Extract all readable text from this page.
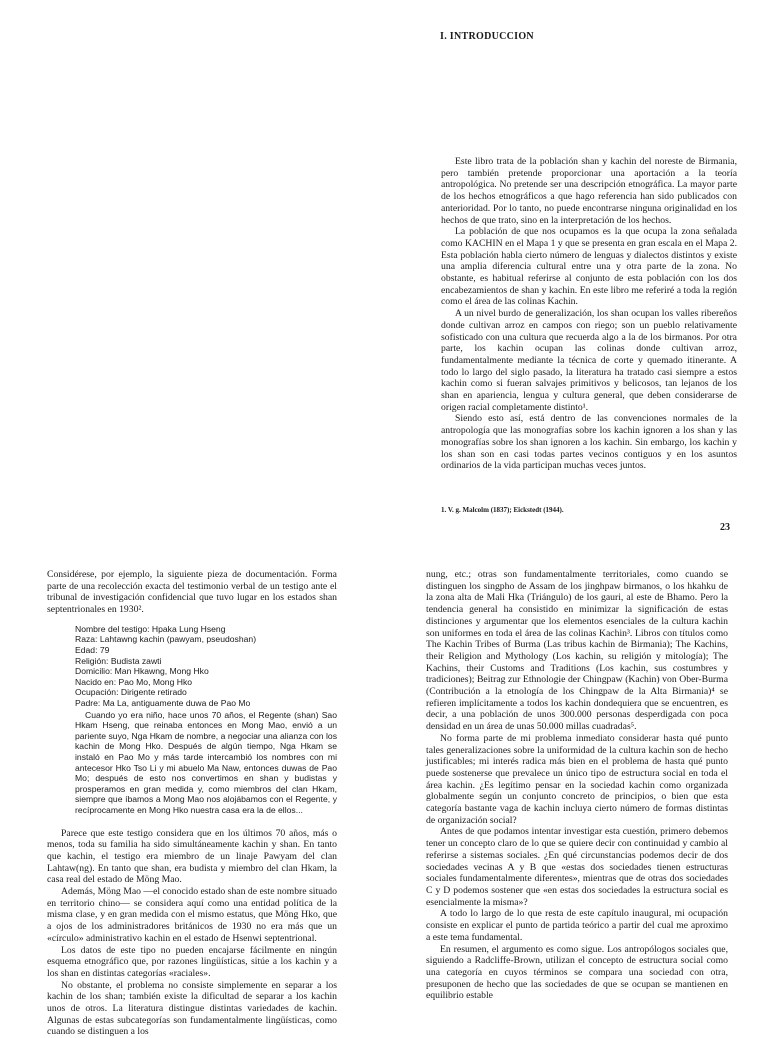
I. INTRODUCCION

Este libro trata de la población shan y kachin del noreste de Birmania, pero también pretende proporcionar una aportación a la teoría antropológica. No pretende ser una descripción etnográfica. La mayor parte de los hechos etnográficos a que hago referencia han sido publicados con anterioridad. Por lo tanto, no puede encontrarse ninguna originalidad en los hechos de que trato, sino en la interpretación de los hechos.

La población de que nos ocupamos es la que ocupa la zona señalada como KACHIN en el Mapa 1 y que se presenta en gran escala en el Mapa 2. Esta población habla cierto número de lenguas y dialectos distintos y existe una amplia diferencia cultural entre una y otra parte de la zona. No obstante, es habitual referirse al conjunto de esta población con los dos encabezamientos de shan y kachin. En este libro me referiré a toda la región como el área de las colinas Kachin.

A un nivel burdo de generalización, los shan ocupan los valles ribereños donde cultivan arroz en campos con riego; son un pueblo relativamente sofisticado con una cultura que recuerda algo a la de los birmanos. Por otra parte, los kachin ocupan las colinas donde cultivan arroz, fundamentalmente mediante la técnica de corte y quemado itinerante. A todo lo largo del siglo pasado, la literatura ha tratado casi siempre a estos kachin como si fueran salvajes primitivos y belicosos, tan lejanos de los shan en apariencia, lengua y cultura general, que deben considerarse de origen racial completamente distinto¹.

Siendo esto así, está dentro de las convenciones normales de la antropología que las monografías sobre los kachin ignoren a los shan y las monografías sobre los shan ignoren a los kachin. Sin embargo, los kachin y los shan son en casi todas partes vecinos contiguos y en los asuntos ordinarios de la vida participan muchas veces juntos.

1. V. g. Malcolm (1837); Eickstedt (1944).
23

Considérese, por ejemplo, la siguiente pieza de documentación. Forma parte de una recolección exacta del testimonio verbal de un testigo ante el tribunal de investigación confidencial que tuvo lugar en los estados shan septentrionales en 1930².

Nombre del testigo: Hpaka Lung Hseng
Raza: Lahtawng kachin (pawyam, pseudoshan)
Edad: 79
Religión: Budista zawti
Domicilio: Man Hkawng, Mong Hko
Nacido en: Pao Mo, Mong Hko
Ocupación: Dirigente retirado
Padre: Ma La, antiguamente duwa de Pao Mo
Cuando yo era niño, hace unos 70 años, el Regente (shan) Sao Hkam Hseng, que reinaba entonces en Mong Mao, envió a un pariente suyo, Nga Hkam de nombre, a negociar una alianza con los kachin de Mong Hko. Después de algún tiempo, Nga Hkam se instaló en Pao Mo y más tarde intercambió los nombres con mi antecesor Hko Tso Li y mi abuelo Ma Naw, entonces duwas de Pao Mo; después de esto nos convertimos en shan y budistas y prosperamos en gran medida y, como miembros del clan Hkam, siempre que íbamos a Mong Mao nos alojábamos con el Regente, y recíprocamente en Mong Hko nuestra casa era la de ellos...

Parece que este testigo considera que en los últimos 70 años, más o menos, toda su familia ha sido simultáneamente kachin y shan. En tanto que kachin, el testigo era miembro de un linaje Pawyam del clan Lahtaw(ng). En tanto que shan, era budista y miembro del clan Hkam, la casa real del estado de Möng Mao.

Además, Möng Mao —el conocido estado shan de este nombre situado en territorio chino— se considera aquí como una entidad política de la misma clase, y en gran medida con el mismo estatus, que Möng Hko, que a ojos de los administradores británicos de 1930 no era más que un «círculo» administrativo kachin en el estado de Hsenwi septentrional.

Los datos de este tipo no pueden encajarse fácilmente en ningún esquema etnográfico que, por razones lingüísticas, sitúe a los kachin y a los shan en distintas categorías «raciales».

No obstante, el problema no consiste simplemente en separar a los kachin de los shan; también existe la dificultad de separar a los kachin unos de otros. La literatura distingue distintas variedades de kachin. Algunas de estas subcategorías son fundamentalmente lingüísticas, como cuando se distinguen a los

nung, etc.; otras son fundamentalmente territoriales, como cuando se distinguen los singpho de Assam de los jinghpaw birmanos, o los hkahku de la zona alta de Mali Hka (Triángulo) de los gauri, al este de Bhamo. Pero la tendencia general ha consistido en minimizar la significación de estas distinciones y argumentar que los elementos esenciales de la cultura kachin son uniformes en toda el área de las colinas Kachin³. Libros con títulos como The Kachin Tribes of Burma (Las tribus kachin de Birmania); The Kachins, their Religion and Mythology (Los kachin, su religión y mitología); The Kachins, their Customs and Traditions (Los kachin, sus costumbres y tradiciones); Beitrag zur Ethnologie der Chingpaw (Kachin) von Ober-Burma (Contribución a la etnología de los Chingpaw de la Alta Birmania)⁴ se refieren implícitamente a todos los kachin dondequiera que se encuentren, es decir, a una población de unos 300.000 personas desperdigada con poca densidad en un área de unas 50.000 millas cuadradas⁵.

No forma parte de mi problema inmediato considerar hasta qué punto tales generalizaciones sobre la uniformidad de la cultura kachin son de hecho justificables; mi interés radica más bien en el problema de hasta qué punto puede sostenerse que prevalece un único tipo de estructura social en toda el área kachin. ¿Es legítimo pensar en la sociedad kachin como organizada globalmente según un conjunto concreto de principios, o bien que esta categoría bastante vaga de kachin incluya cierto número de formas distintas de organización social?

Antes de que podamos intentar investigar esta cuestión, primero debemos tener un concepto claro de lo que se quiere decir con continuidad y cambio al referirse a sistemas sociales. ¿En qué circunstancias podemos decir de dos sociedades vecinas A y B que «estas dos sociedades tienen estructuras sociales fundamentalmente diferentes», mientras que de otras dos sociedades C y D podemos sostener que «en estas dos sociedades la estructura social es esencialmente la misma»?

A todo lo largo de lo que resta de este capítulo inaugural, mi ocupación consiste en explicar el punto de partida teórico a partir del cual me aproximo a este tema fundamental.

En resumen, el argumento es como sigue. Los antropólogos sociales que, siguiendo a Radcliffe-Brown, utilizan el concepto de estructura social como una categoría en cuyos términos se compara una sociedad con otra, presuponen de hecho que las sociedades de que se ocupan se mantienen en equilibrio estable
